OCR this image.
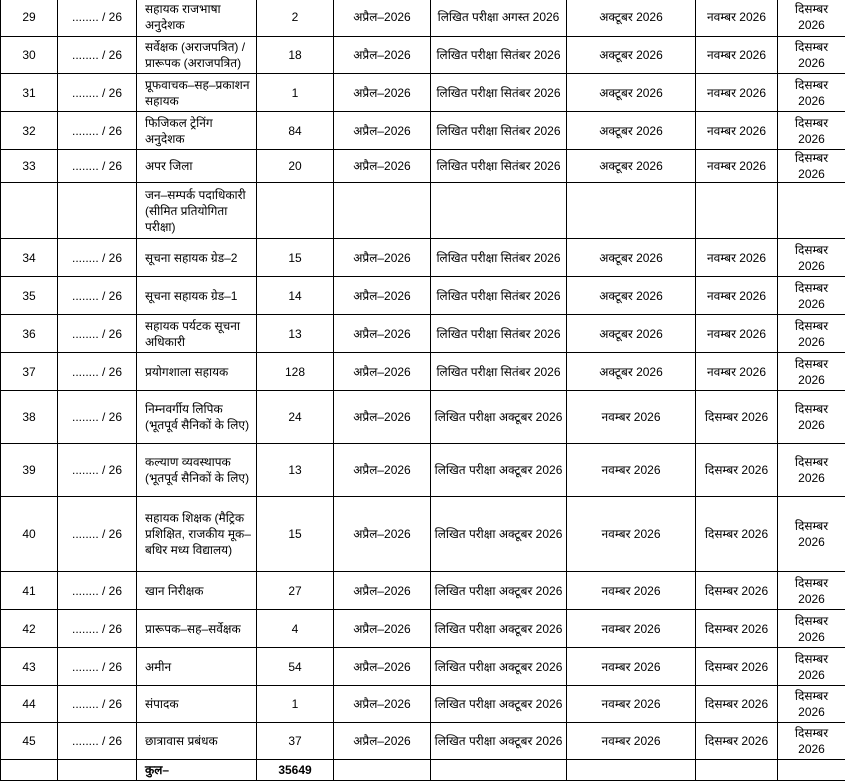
29	........ / 26	सहायक राजभाषा अनुदेशक	2	अप्रैल–2026	लिखित परीक्षा अगस्त 2026	अक्टूबर 2026	नवम्बर 2026	दिसम्बर 2026
30	........ / 26	सर्वेक्षक (अराजपत्रित) / प्रारूपक (अराजपत्रित)	18	अप्रैल–2026	लिखित परीक्षा सितंबर 2026	अक्टूबर 2026	नवम्बर 2026	दिसम्बर 2026
31	........ / 26	प्रूफवाचक–सह–प्रकाशन सहायक	1	अप्रैल–2026	लिखित परीक्षा सितंबर 2026	अक्टूबर 2026	नवम्बर 2026	दिसम्बर 2026
32	........ / 26	फिजिकल ट्रेनिंग अनुदेशक	84	अप्रैल–2026	लिखित परीक्षा सितंबर 2026	अक्टूबर 2026	नवम्बर 2026	दिसम्बर 2026
33	........ / 26	अपर जिला	20	अप्रैल–2026	लिखित परीक्षा सितंबर 2026	अक्टूबर 2026	नवम्बर 2026	दिसम्बर 2026
		जन–सम्पर्क पदाधिकारी (सीमित प्रतियोगिता परीक्षा)						
34	........ / 26	सूचना सहायक ग्रेड–2	15	अप्रैल–2026	लिखित परीक्षा सितंबर 2026	अक्टूबर 2026	नवम्बर 2026	दिसम्बर 2026
35	........ / 26	सूचना सहायक ग्रेड–1	14	अप्रैल–2026	लिखित परीक्षा सितंबर 2026	अक्टूबर 2026	नवम्बर 2026	दिसम्बर 2026
36	........ / 26	सहायक पर्यटक सूचना अधिकारी	13	अप्रैल–2026	लिखित परीक्षा सितंबर 2026	अक्टूबर 2026	नवम्बर 2026	दिसम्बर 2026
37	........ / 26	प्रयोगशाला सहायक	128	अप्रैल–2026	लिखित परीक्षा सितंबर 2026	अक्टूबर 2026	नवम्बर 2026	दिसम्बर 2026
38	........ / 26	निम्नवर्गीय लिपिक (भूतपूर्व सैनिकों के लिए)	24	अप्रैल–2026	लिखित परीक्षा अक्टूबर 2026	नवम्बर 2026	दिसम्बर 2026	दिसम्बर 2026
39	........ / 26	कल्याण व्यवस्थापक (भूतपूर्व सैनिकों के लिए)	13	अप्रैल–2026	लिखित परीक्षा अक्टूबर 2026	नवम्बर 2026	दिसम्बर 2026	दिसम्बर 2026
40	........ / 26	सहायक शिक्षक (मैट्रिक प्रशिक्षित, राजकीय मूक–बधिर मध्य विद्यालय)	15	अप्रैल–2026	लिखित परीक्षा अक्टूबर 2026	नवम्बर 2026	दिसम्बर 2026	दिसम्बर 2026
41	........ / 26	खान निरीक्षक	27	अप्रैल–2026	लिखित परीक्षा अक्टूबर 2026	नवम्बर 2026	दिसम्बर 2026	दिसम्बर 2026
42	........ / 26	प्रारूपक–सह–सर्वेक्षक	4	अप्रैल–2026	लिखित परीक्षा अक्टूबर 2026	नवम्बर 2026	दिसम्बर 2026	दिसम्बर 2026
43	........ / 26	अमीन	54	अप्रैल–2026	लिखित परीक्षा अक्टूबर 2026	नवम्बर 2026	दिसम्बर 2026	दिसम्बर 2026
44	........ / 26	संपादक	1	अप्रैल–2026	लिखित परीक्षा अक्टूबर 2026	नवम्बर 2026	दिसम्बर 2026	दिसम्बर 2026
45	........ / 26	छात्रावास प्रबंधक	37	अप्रैल–2026	लिखित परीक्षा अक्टूबर 2026	नवम्बर 2026	दिसम्बर 2026	दिसम्बर 2026
		कुल–	35649					
